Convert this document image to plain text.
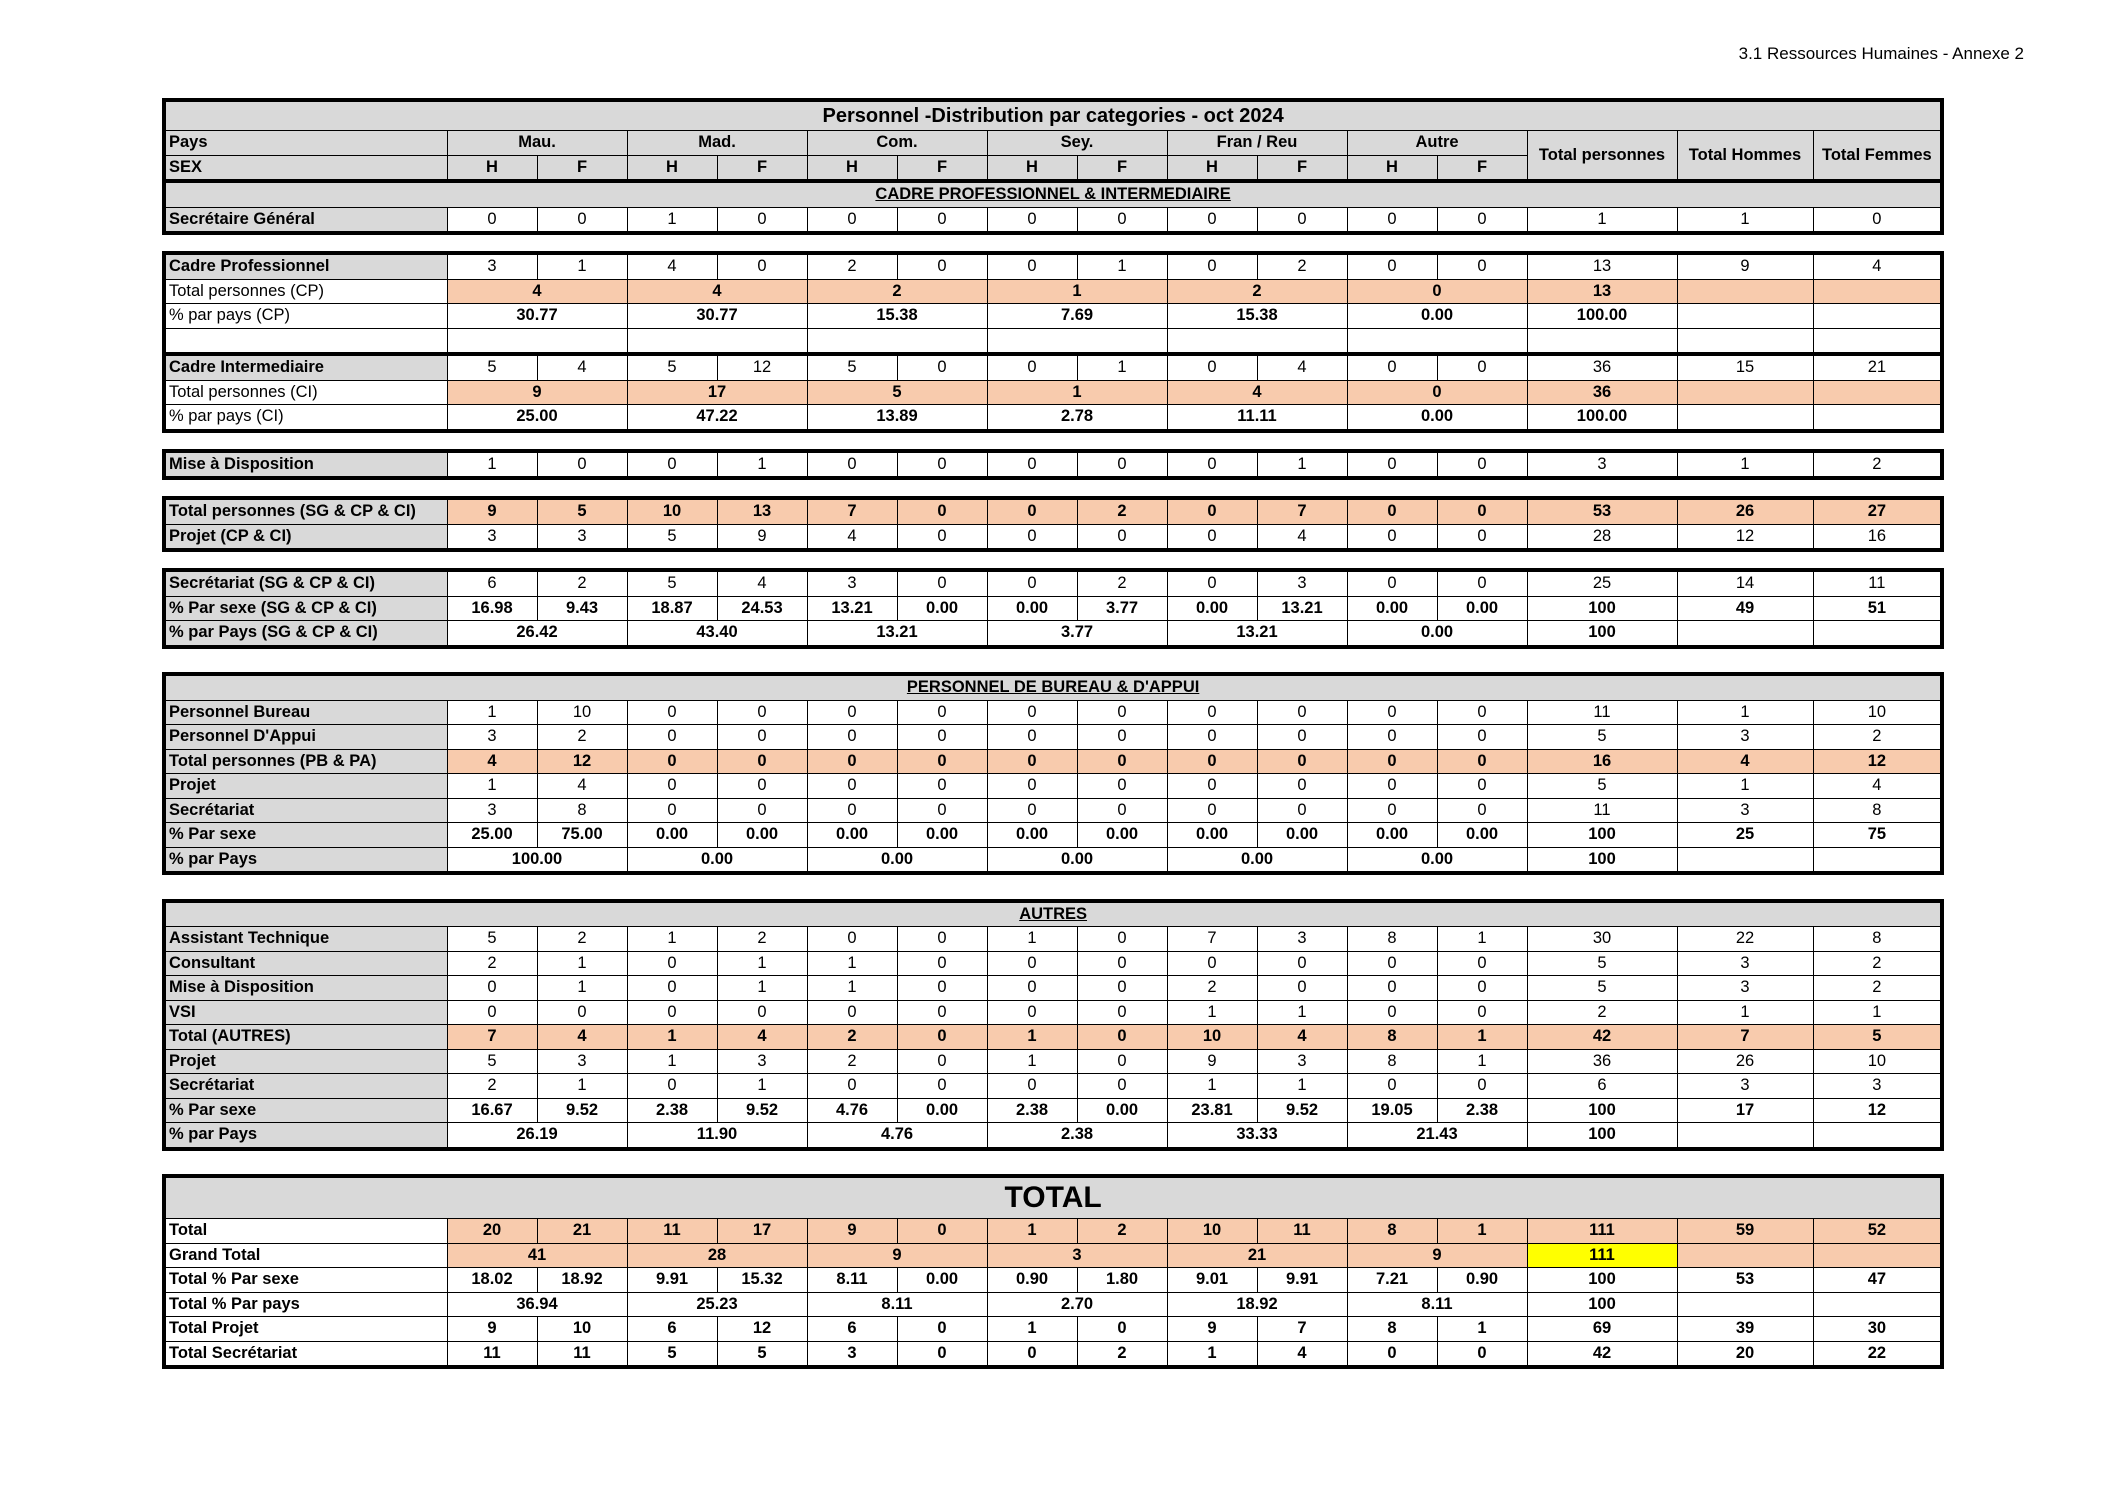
3.1 Ressources Humaines - Annexe 2
Personnel -Distribution par categories - oct 2024															
Pays	Mau.		Mad.		Com.		Sey.		Fran / Reu		Autre		Total personnes	Total Hommes	Total Femmes
SEX	H	F	H	F	H	F	H	F	H	F	H	F			
CADRE PROFESSIONNEL & INTERMEDIAIRE															
Secrétaire Général	0	0	1	0	0	0	0	0	0	0	0	0	1	1	0

Cadre Professionnel	3	1	4	0	2	0	0	1	0	2	0	0	13	9	4
Total personnes (CP)	4		4		2		1		2		0		13		
% par pays (CP)	30.77		30.77		15.38		7.69		15.38		0.00		100.00		

Cadre Intermediaire	5	4	5	12	5	0	0	1	0	4	0	0	36	15	21
Total personnes (CI)	9		17		5		1		4		0		36		
% par pays (CI)	25.00		47.22		13.89		2.78		11.11		0.00		100.00		

Mise à Disposition	1	0	0	1	0	0	0	0	0	1	0	0	3	1	2

Total personnes (SG & CP & CI)	9	5	10	13	7	0	0	2	0	7	0	0	53	26	27
Projet (CP & CI)	3	3	5	9	4	0	0	0	0	4	0	0	28	12	16

Secrétariat (SG & CP & CI)	6	2	5	4	3	0	0	2	0	3	0	0	25	14	11
% Par sexe (SG & CP & CI)	16.98	9.43	18.87	24.53	13.21	0.00	0.00	3.77	0.00	13.21	0.00	0.00	100	49	51
% par Pays (SG & CP & CI)	26.42		43.40		13.21		3.77		13.21		0.00		100		

PERSONNEL DE BUREAU & D'APPUI															
Personnel Bureau	1	10	0	0	0	0	0	0	0	0	0	0	11	1	10
Personnel D'Appui	3	2	0	0	0	0	0	0	0	0	0	0	5	3	2
Total personnes (PB & PA)	4	12	0	0	0	0	0	0	0	0	0	0	16	4	12
Projet	1	4	0	0	0	0	0	0	0	0	0	0	5	1	4
Secrétariat	3	8	0	0	0	0	0	0	0	0	0	0	11	3	8
% Par sexe	25.00	75.00	0.00	0.00	0.00	0.00	0.00	0.00	0.00	0.00	0.00	0.00	100	25	75
% par Pays	100.00		0.00		0.00		0.00		0.00		0.00		100		

AUTRES															
Assistant Technique	5	2	1	2	0	0	1	0	7	3	8	1	30	22	8
Consultant	2	1	0	1	1	0	0	0	0	0	0	0	5	3	2
Mise à Disposition	0	1	0	1	1	0	0	0	2	0	0	0	5	3	2
VSI	0	0	0	0	0	0	0	0	1	1	0	0	2	1	1
Total (AUTRES)	7	4	1	4	2	0	1	0	10	4	8	1	42	7	5
Projet	5	3	1	3	2	0	1	0	9	3	8	1	36	26	10
Secrétariat	2	1	0	1	0	0	0	0	1	1	0	0	6	3	3
% Par sexe	16.67	9.52	2.38	9.52	4.76	0.00	2.38	0.00	23.81	9.52	19.05	2.38	100	17	12
% par Pays	26.19		11.90		4.76		2.38		33.33		21.43		100		

TOTAL															
Total	20	21	11	17	9	0	1	2	10	11	8	1	111	59	52
Grand Total	41		28		9		3		21		9		111		
Total % Par sexe	18.02	18.92	9.91	15.32	8.11	0.00	0.90	1.80	9.01	9.91	7.21	0.90	100	53	47
Total % Par pays	36.94		25.23		8.11		2.70		18.92		8.11		100		
Total Projet	9	10	6	12	6	0	1	0	9	7	8	1	69	39	30
Total Secrétariat	11	11	5	5	3	0	0	2	1	4	0	0	42	20	22
